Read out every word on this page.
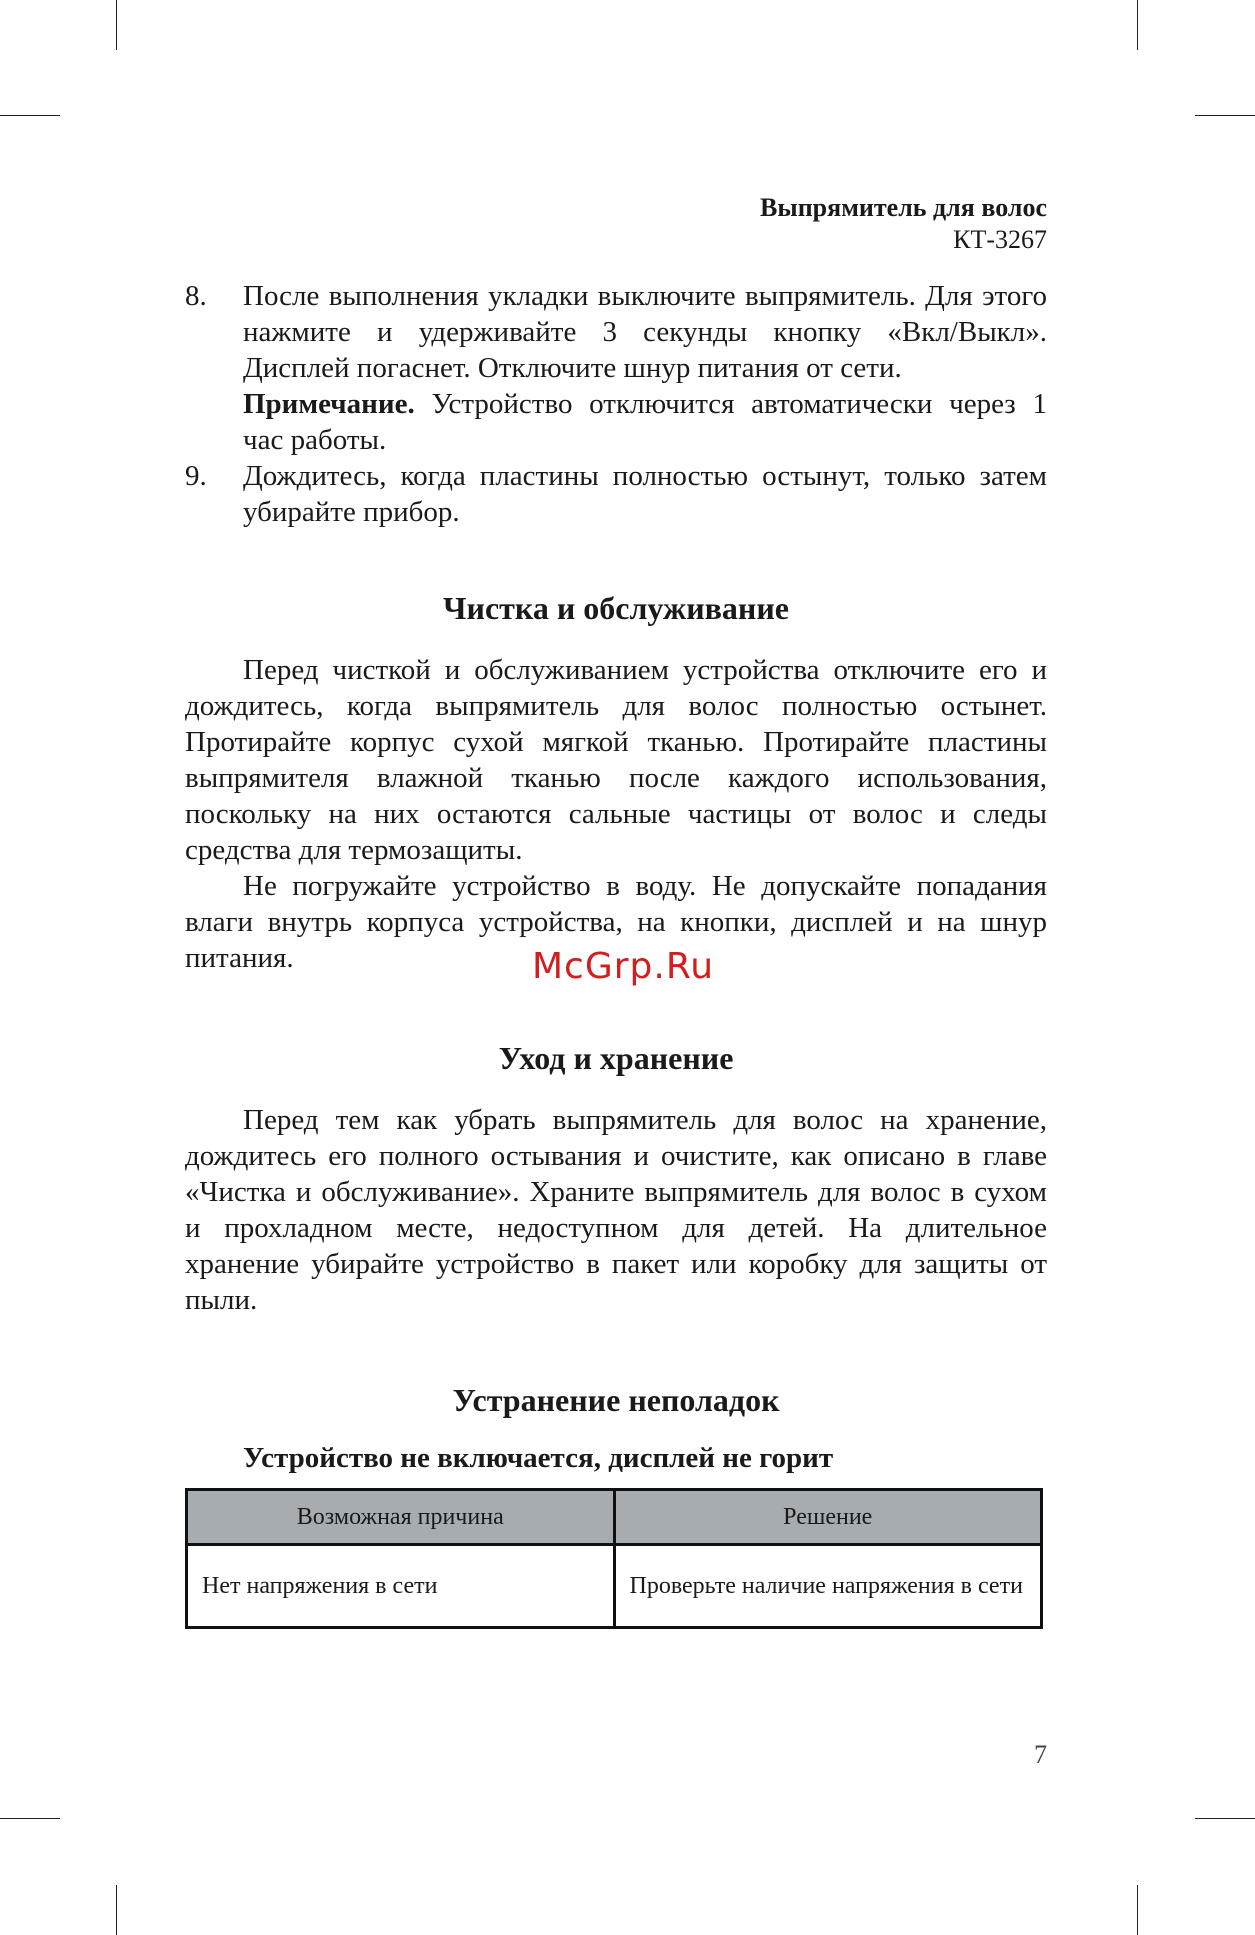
Выпрямитель для волос
КТ-3267
8.	После выполнения укладки выключите выпрямитель. Для этого нажмите и удерживайте 3 секунды кнопку «Вкл/Выкл». Дисплей погаснет. Отключите шнур питания от сети.

Примечание. Устройство отключится автоматически через 1 час работы.

9.	Дождитесь, когда пластины полностью остынут, только затем убирайте прибор.

Чистка и обслуживание

Перед чисткой и обслуживанием устройства отключите его и дождитесь, когда выпрямитель для волос полностью остынет. Протирайте корпус сухой мягкой тканью. Протирайте пластины выпрямителя влажной тканью после каждого использования, поскольку на них остаются сальные частицы от волос и следы средства для термозащиты.

Не погружайте устройство в воду. Не допускайте попадания влаги внутрь корпуса устройства, на кнопки, дисплей и на шнур питания.

Уход и хранение

Перед тем как убрать выпрямитель для волос на хранение, дождитесь его полного остывания и очистите, как описано в главе «Чистка и обслуживание». Храните выпрямитель для волос в сухом и прохладном месте, недоступном для детей. На длительное хранение убирайте устройство в пакет или коробку для защиты от пыли.

Устранение неполадок
Устройство не включается, дисплей не горит
Возможная причина	Решение
Нет напряжения в сети	Проверьте наличие напряжения в сети
McGrp.Ru
7
